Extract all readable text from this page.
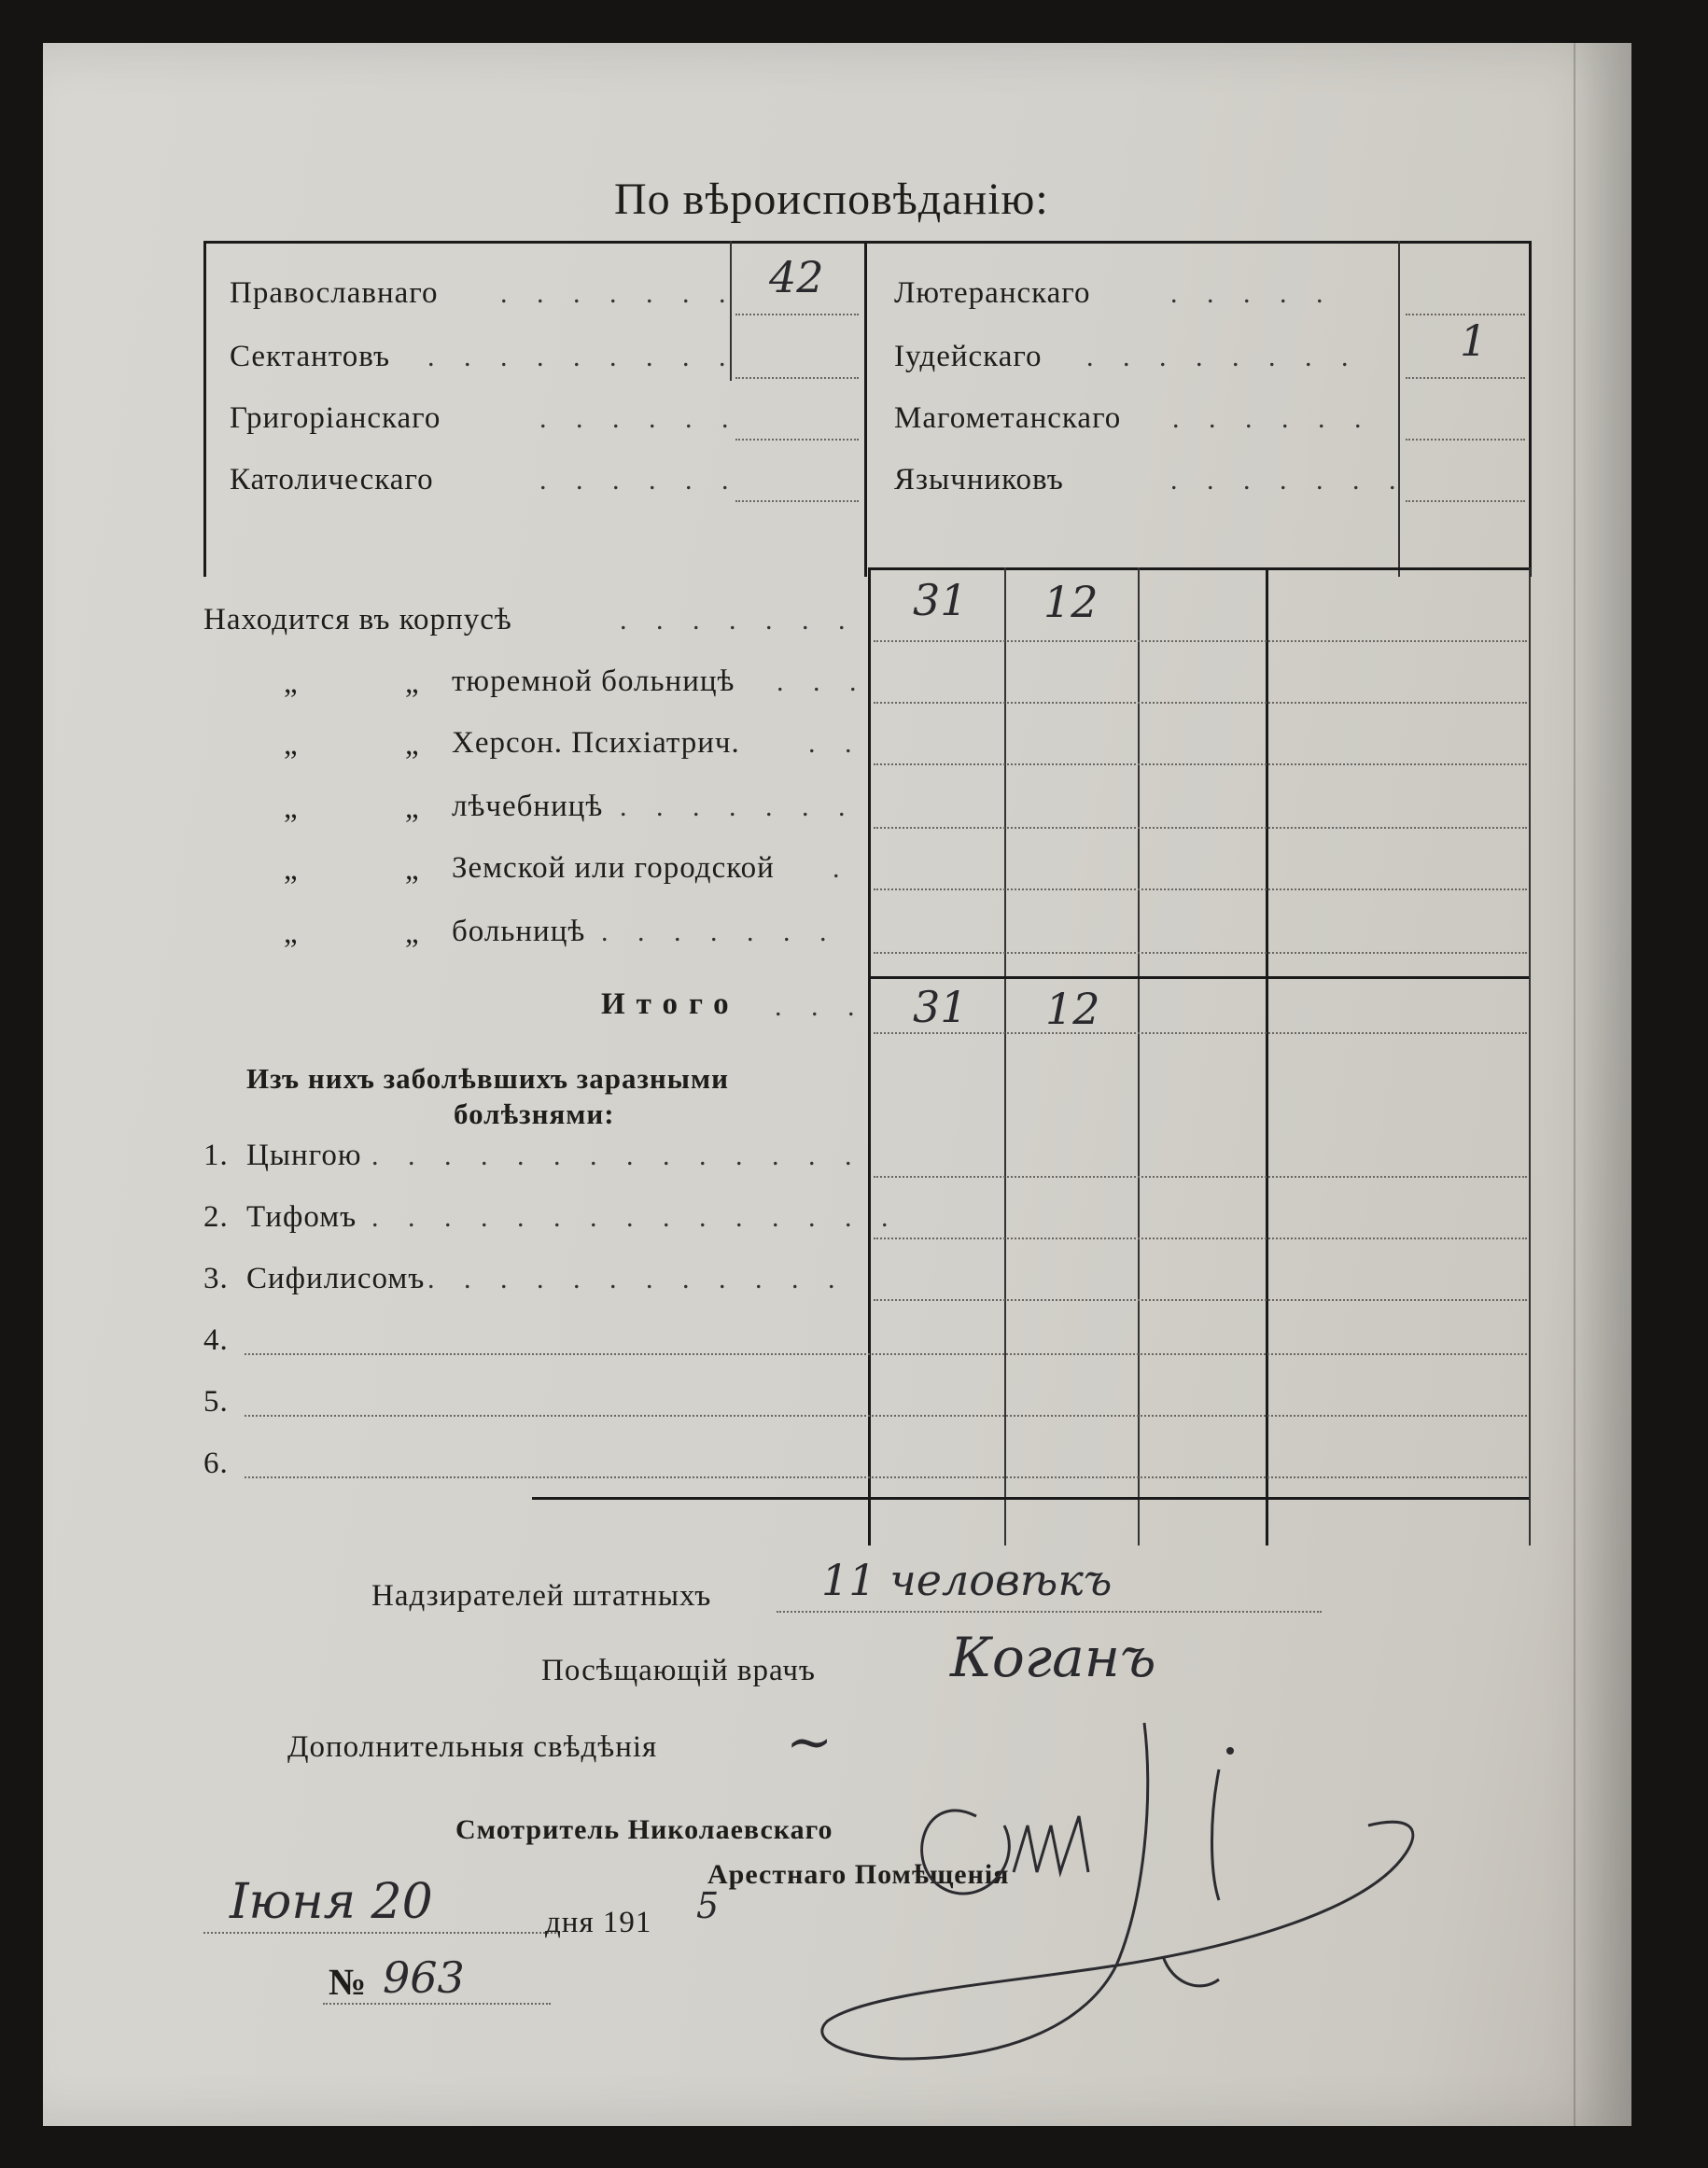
По вѣроисповѣданію:
Православнаго . . . . . . . 42 Лютеранскаго	. . . . .
Сектантовъ . . . . . . . . .	Іудейскаго . . . . . . . . 1
Григоріанскаго	. . . . . .	Магометанскаго . . . . . .
Католическаго	. . . . . .	Язычниковъ	. . . . . . .
Находится въ корпусѣ	. . . . . . . 31 12
„	„ тюремной больницѣ . . .
„	„ Херсон. Психіатрич. . .
„	„ лѣчебницѣ . . . . . . .
„	„ Земской или городской .
„	„ больницѣ . . . . . . .
Итого . . . 31 12
Изъ нихъ заболѣвшихъ заразными
болѣзнями:
1. Цынгою . . . . . . . . . . . . . .
2. Тифомъ . . . . . . . . . . . . . . .
3. Сифилисомъ . . . . . . . . . . . .
4.
5.
6.
Надзирателей штатныхъ	11 человѣкъ
Посѣщающій врачъ Коганъ
Дополнительныя свѣдѣнія ~
Смотритель Николаевскаго
Арестнаго Помѣщенія
Іюня 20	дня 191 5
№ 963
